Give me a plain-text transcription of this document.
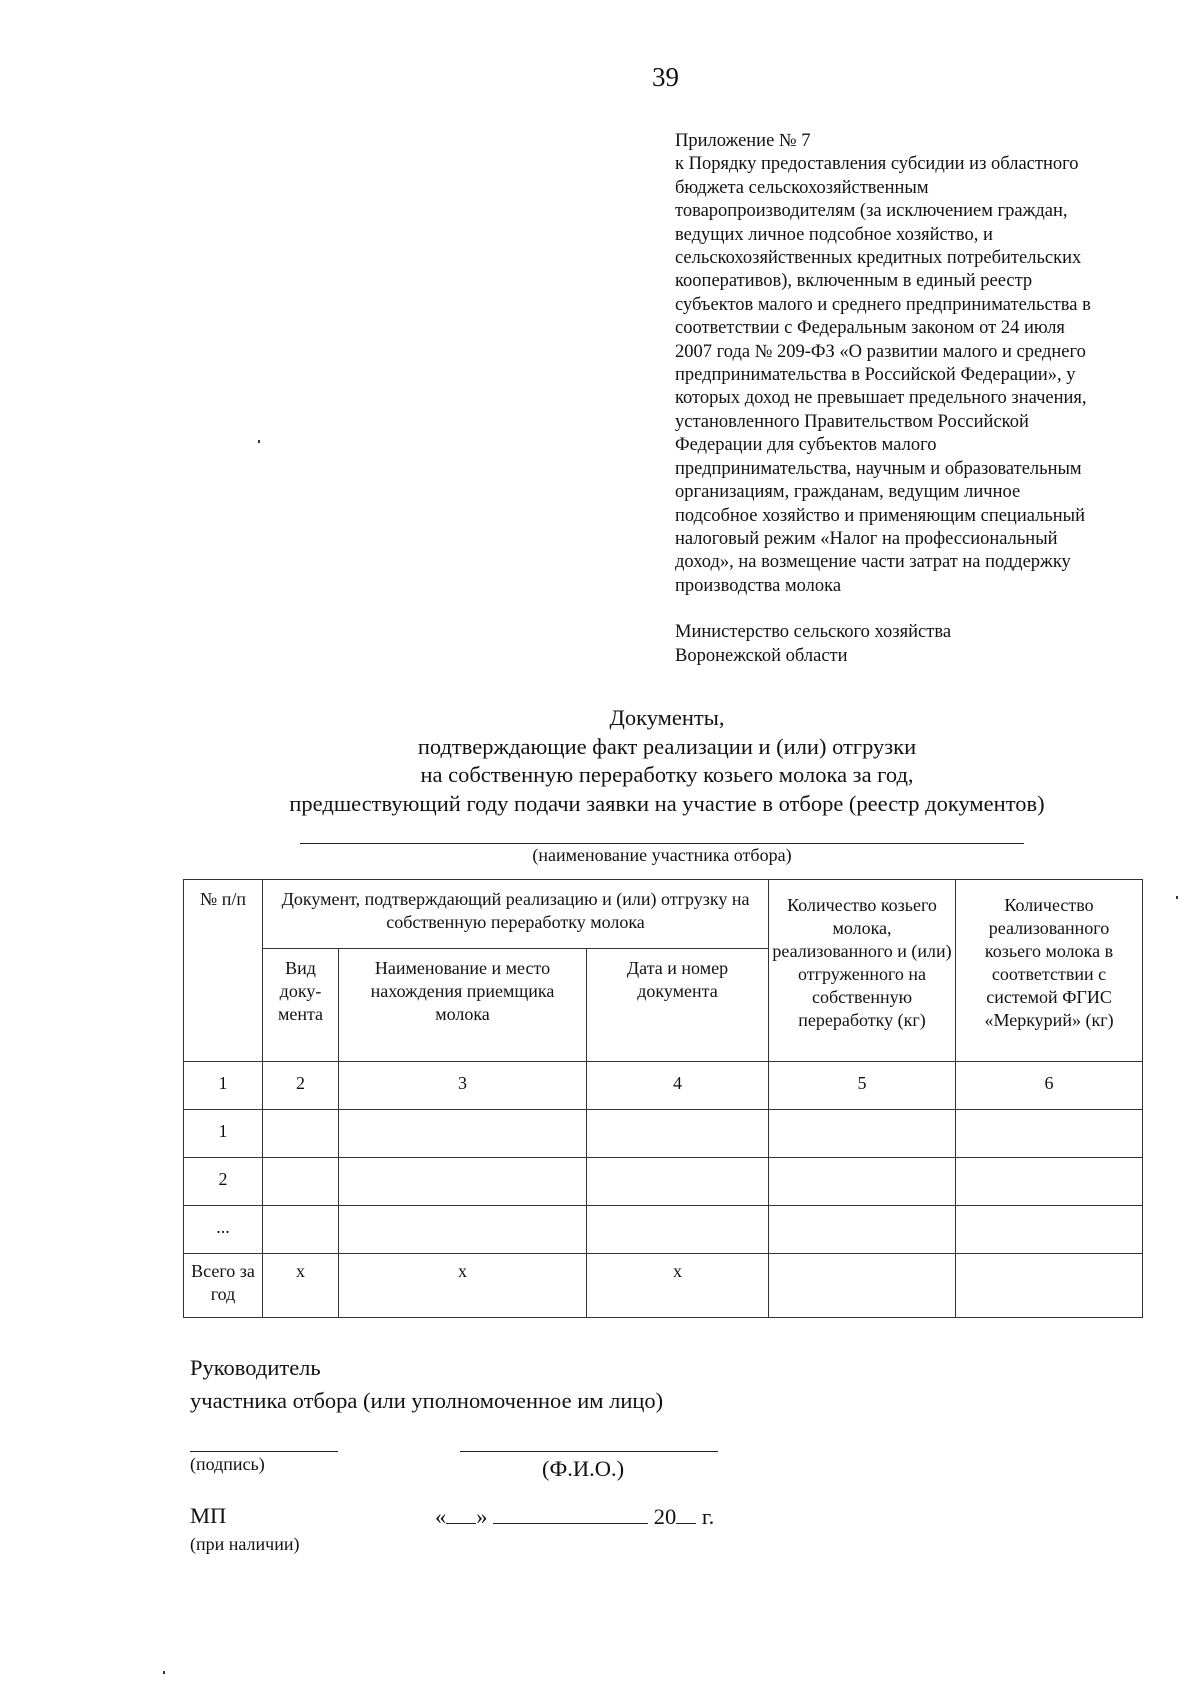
39

Приложение № 7

к Порядку предоставления субсидии из областного

бюджета сельскохозяйственным

товаропроизводителям (за исключением граждан,

ведущих личное подсобное хозяйство, и

сельскохозяйственных кредитных потребительских

кооперативов), включенным в единый реестр

субъектов малого и среднего предпринимательства в

соответствии с Федеральным законом от 24 июля

2007 года № 209-ФЗ «О развитии малого и среднего

предпринимательства в Российской Федерации», у

которых доход не превышает предельного значения,

установленного Правительством Российской

Федерации для субъектов малого

предпринимательства, научным и образовательным

организациям, гражданам, ведущим личное

подсобное хозяйство и применяющим специальный

налоговый режим «Налог на профессиональный

доход», на возмещение части затрат на поддержку

производства молока

Министерство сельского хозяйства

Воронежской области

Документы,
подтверждающие факт реализации и (или) отгрузки
на собственную переработку козьего молока за год,
предшествующий году подачи заявки на участие в отборе (реестр документов)
(наименование участника отбора)
№ п/п	Документ, подтверждающий реализацию и (или) отгрузку на собственную переработку молока			Количество козьего молока, реализованного и (или) отгруженного на собственную переработку (кг)	Количество реализованного козьего молока в соответствии с системой ФГИС «Меркурий» (кг)
	Вид доку-мента	Наименование и место нахождения приемщика молока	Дата и номер документа		
1	2	3	4	5	6
1					
2					
...					
Всего за год	х	х	х		
Руководитель
участника отбора (или уполномоченное им лицо)
(подпись)	(Ф.И.О.)
МП
(при наличии)
« »	20 г.
